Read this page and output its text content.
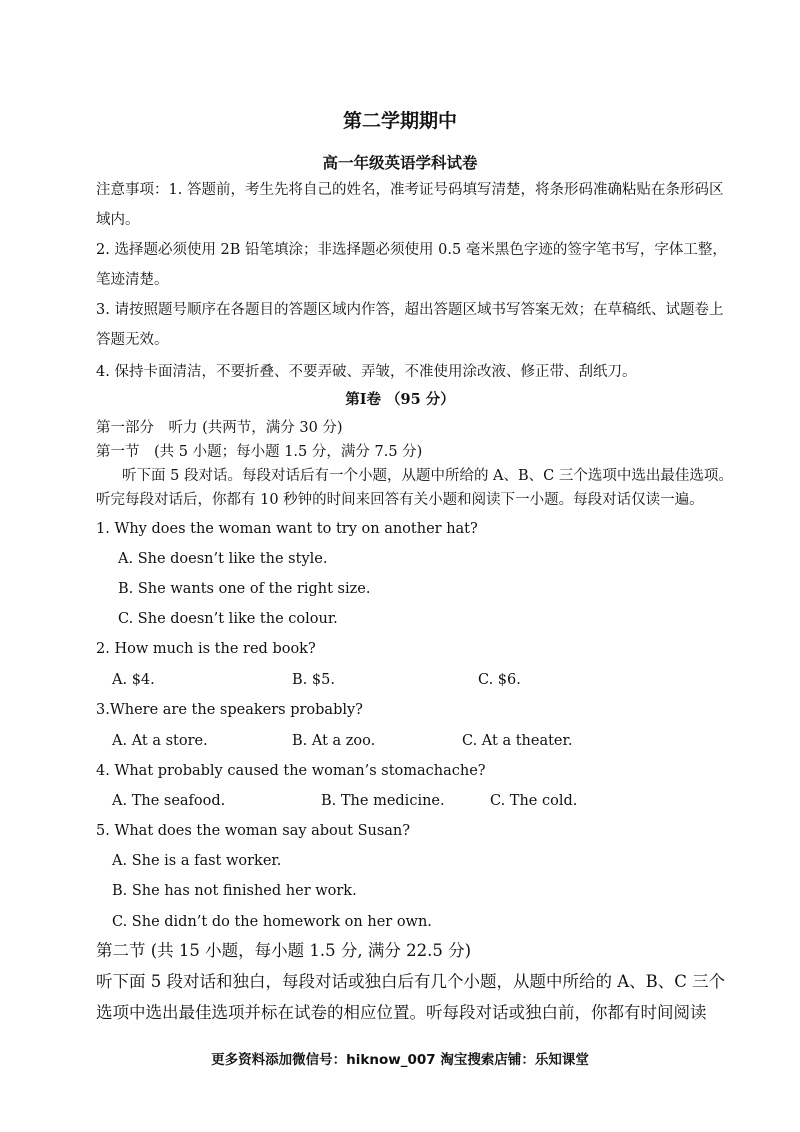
第二学期期中
高一年级英语学科试卷
注意事项：1. 答题前，考生先将自己的姓名，准考证号码填写清楚，将条形码准确粘贴在条形码区
域内。
2. 选择题必须使用 2B 铅笔填涂；非选择题必须使用 0.5 毫米黑色字迹的签字笔书写，字体工整，
笔迹清楚。
3. 请按照题号顺序在各题目的答题区域内作答，超出答题区域书写答案无效；在草稿纸、试题卷上
答题无效。
4. 保持卡面清洁，不要折叠、不要弄破、弄皱，不准使用涂改液、修正带、刮纸刀。
第Ⅰ卷 （95 分）
第一部分　听力 (共两节，满分 30 分)
第一节　(共 5 小题；每小题 1.5 分，满分 7.5 分)
听下面 5 段对话。每段对话后有一个小题，从题中所给的 A、B、C 三个选项中选出最佳选项。
听完每段对话后，你都有 10 秒钟的时间来回答有关小题和阅读下一小题。每段对话仅读一遍。
1. Why does the woman want to try on another hat?
A. She doesn’t like the style.
B. She wants one of the right size.
C. She doesn’t like the colour.
2. How much is the red book?
A. $4.	B. $5.	C. $6.
3.Where are the speakers probably?
A. At a store.	B. At a zoo.	C. At a theater.
4. What probably caused the woman’s stomachache?
A. The seafood.	B. The medicine.	C. The cold.
5. What does the woman say about Susan?
A. She is a fast worker.
B. She has not finished her work.
C. She didn’t do the homework on her own.
第二节 (共 15 小题，每小题 1.5 分, 满分 22.5 分)
听下面 5 段对话和独白，每段对话或独白后有几个小题，从题中所给的 A、B、C 三个
选项中选出最佳选项并标在试卷的相应位置。听每段对话或独白前，你都有时间阅读
更多资料添加微信号：hiknow_007 淘宝搜索店铺：乐知课堂
